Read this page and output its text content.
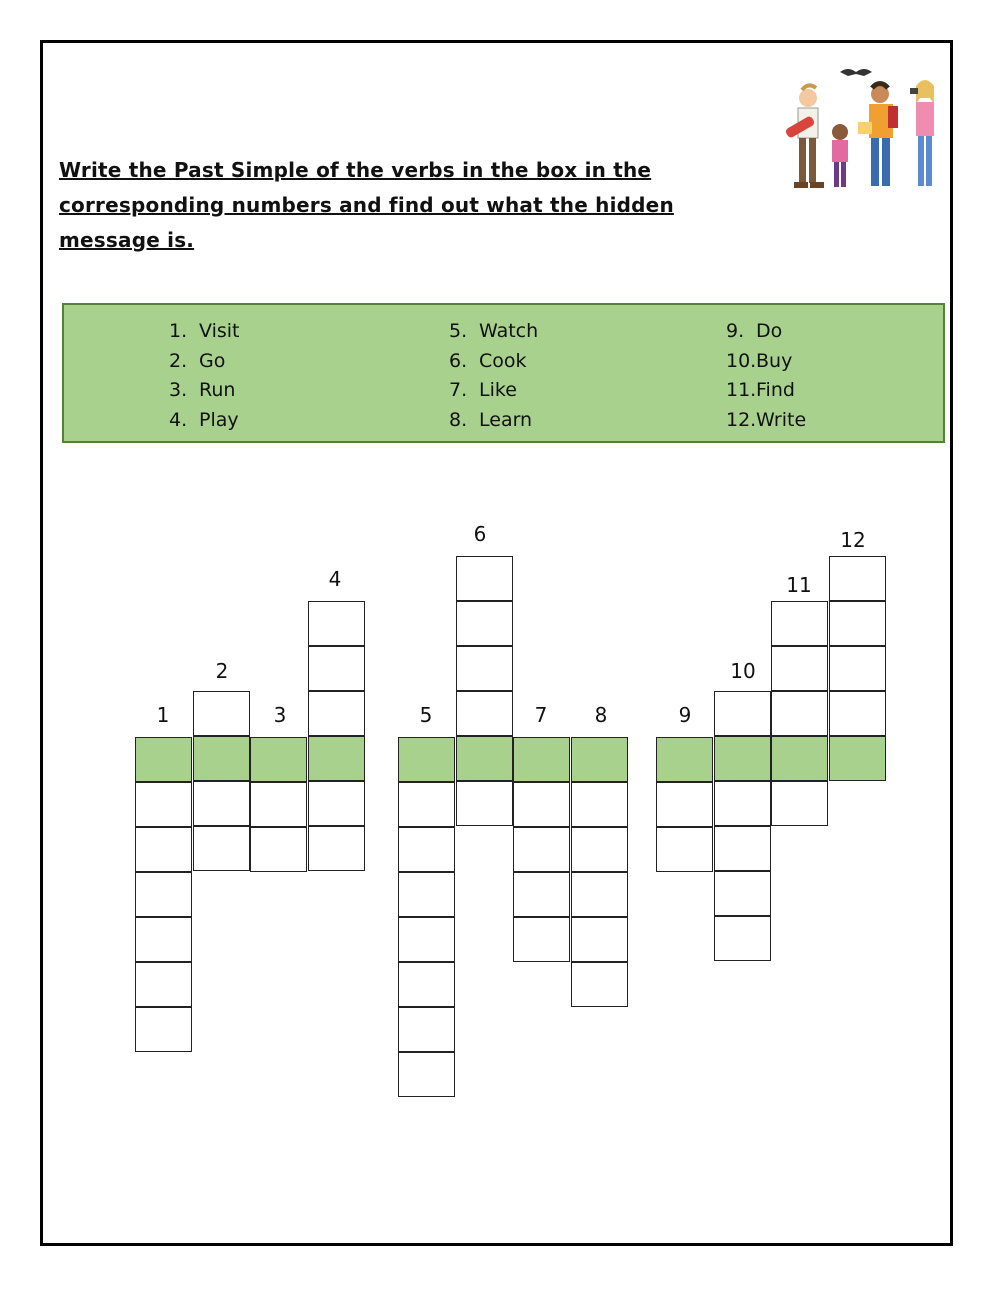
Write the Past Simple of the verbs in the box in the corresponding numbers and find out what the hidden message is.

1. Visit
2. Go
3. Run
4. Play
5. Watch
6. Cook
7. Like
8. Learn
9. Do
10. Buy
11. Find
12. Write
1
2
3
4
5
6
7	8	9
10
11
12
